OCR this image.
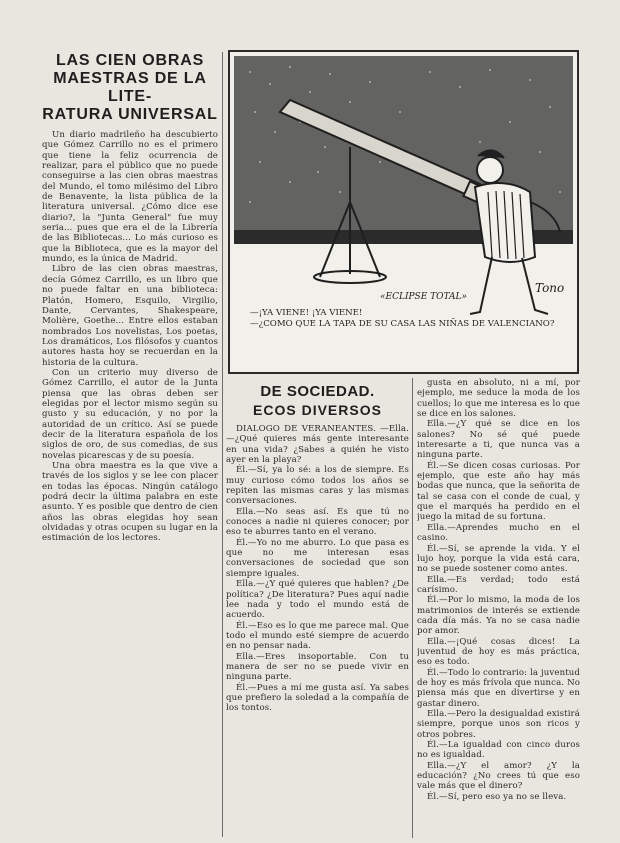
LAS CIEN OBRAS
MAESTRAS DE LA LITE-
RATURA UNIVERSAL

Un diario madrileño ha descubierto que Gómez Carrillo no es el primero que tiene la feliz ocurrencia de realizar, para el público que no puede conseguirse a las cien obras maestras del Mundo, el tomo milésimo del Libro de Benavente, la lista pública de la literatura universal. ¿Cómo dice ese diario?, la "Junta General" fue muy seria... pues que era el de la Librería de las Bibliotecas... Lo más curioso es que la Biblioteca, que es la mayor del mundo, es la única de Madrid.

Libro de las cien obras maestras, decía Gómez Carrillo, es un libro que no puede faltar en una biblioteca: Platón, Homero, Esquilo, Virgilio, Dante, Cervantes, Shakespeare, Molière, Goethe... Entre ellos estaban nombrados Los novelistas, Los poetas, Los dramáticos, Los filósofos y cuantos autores hasta hoy se recuerdan en la historia de la cultura.

Con un criterio muy diverso de Gómez Carrillo, el autor de la Junta piensa que las obras deben ser elegidas por el lector mismo según su gusto y su educación, y no por la autoridad de un crítico. Así se puede decir de la literatura española de los siglos de oro, de sus comedias, de sus novelas picarescas y de su poesía.

Una obra maestra es la que vive a través de los siglos y se lee con placer en todas las épocas. Ningún catálogo podrá decir la última palabra en este asunto. Y es posible que dentro de cien años las obras elegidas hoy sean olvidadas y otras ocupen su lugar en la estimación de los lectores.

Tono
«ECLIPSE TOTAL»
—¡YA VIENE! ¡YA VIENE!
—¿COMO QUE LA TAPA DE SU CASA LAS NIÑAS DE VALENCIANO?
DE SOCIEDAD.
ECOS DIVERSOS

DIALOGO DE VERANEANTES. —Ella.—¿Qué quieres más gente interesante en una vida? ¿Sabes a quién he visto ayer en la playa?

Él.—Sí, ya lo sé: a los de siempre. Es muy curioso cómo todos los años se repiten las mismas caras y las mismas conversaciones.

Ella.—No seas así. Es que tú no conoces a nadie ni quieres conocer; por eso te aburres tanto en el verano.

Él.—Yo no me aburro. Lo que pasa es que no me interesan esas conversaciones de sociedad que son siempre iguales.

Ella.—¿Y qué quieres que hablen? ¿De política? ¿De literatura? Pues aquí nadie lee nada y todo el mundo está de acuerdo.

Él.—Eso es lo que me parece mal. Que todo el mundo esté siempre de acuerdo en no pensar nada.

Ella.—Eres insoportable. Con tu manera de ser no se puede vivir en ninguna parte.

Él.—Pues a mí me gusta así. Ya sabes que prefiero la soledad a la compañía de los tontos.

gusta en absoluto, ni a mí, por ejemplo, me seduce la moda de los cuellos; lo que me interesa es lo que se dice en los salones.

Ella.—¿Y qué se dice en los salones? No sé qué puede interesarte a ti, que nunca vas a ninguna parte.

Él.—Se dicen cosas curiosas. Por ejemplo, que este año hay más bodas que nunca, que la señorita de tal se casa con el conde de cual, y que el marqués ha perdido en el juego la mitad de su fortuna.

Ella.—Aprendes mucho en el casino.

Él.—Sí, se aprende la vida. Y el lujo hoy, porque la vida está cara, no se puede sostener como antes.

Ella.—Es verdad; todo está carísimo.

Él.—Por lo mismo, la moda de los matrimonios de interés se extiende cada día más. Ya no se casa nadie por amor.

Ella.—¡Qué cosas dices! La juventud de hoy es más práctica, eso es todo.

Él.—Todo lo contrario: la juventud de hoy es más frívola que nunca. No piensa más que en divertirse y en gastar dinero.

Ella.—Pero la desigualdad existirá siempre, porque unos son ricos y otros pobres.

Él.—La igualdad con cinco duros no es igualdad.

Ella.—¿Y el amor? ¿Y la educación? ¿No crees tú que eso vale más que el dinero?

Él.—Sí, pero eso ya no se lleva.
